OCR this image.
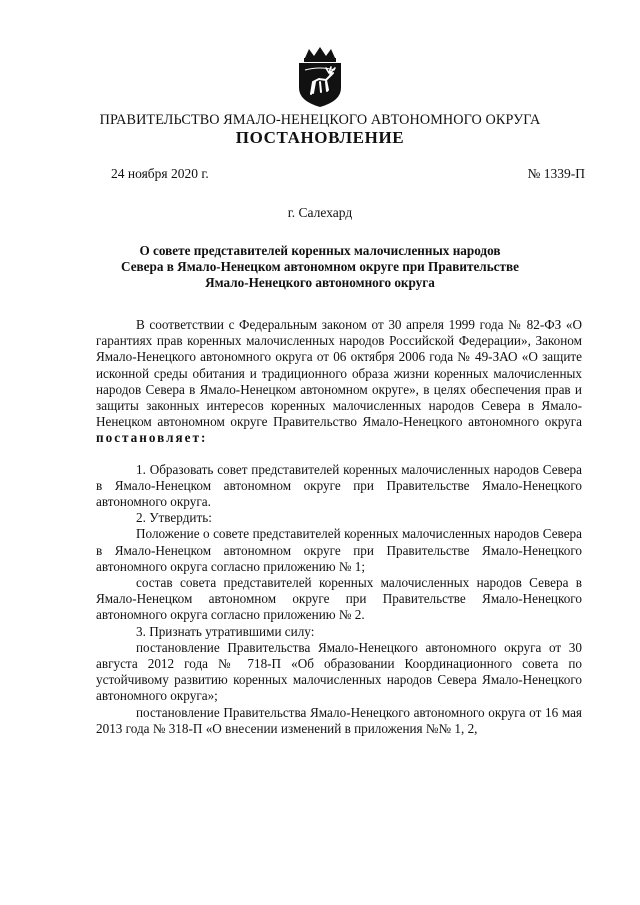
ПРАВИТЕЛЬСТВО ЯМАЛО-НЕНЕЦКОГО АВТОНОМНОГО ОКРУГА
ПОСТАНОВЛЕНИЕ
24 ноября 2020 г.	№ 1339-П
г. Салехард
О совете представителей коренных малочисленных народов
Севера в Ямало-Ненецком автономном округе при Правительстве
Ямало-Ненецкого автономного округа

В соответствии с Федеральным законом от 30 апреля 1999 года № 82-ФЗ «О гарантиях прав коренных малочисленных народов Российской Федерации», Законом Ямало-Ненецкого автономного округа от 06 октября 2006 года № 49-ЗАО «О защите исконной среды обитания и традиционного образа жизни коренных малочисленных народов Севера в Ямало-Ненецком автономном округе», в целях обеспечения прав и защиты законных интересов коренных малочисленных народов Севера в Ямало-Ненецком автономном округе Правительство Ямало-Ненецкого автономного округа постановляет:

1. Образовать совет представителей коренных малочисленных народов Севера в Ямало-Ненецком автономном округе при Правительстве Ямало-Ненецкого автономного округа.

2. Утвердить:

Положение о совете представителей коренных малочисленных народов Севера в Ямало-Ненецком автономном округе при Правительстве Ямало-Ненецкого автономного округа согласно приложению № 1;

состав совета представителей коренных малочисленных народов Севера в Ямало-Ненецком автономном округе при Правительстве Ямало-Ненецкого автономного округа согласно приложению № 2.

3. Признать утратившими силу:

постановление Правительства Ямало-Ненецкого автономного округа от 30 августа 2012 года № 718-П «Об образовании Координационного совета по устойчивому развитию коренных малочисленных народов Севера Ямало-Ненецкого автономного округа»;

постановление Правительства Ямало-Ненецкого автономного округа от 16 мая 2013 года № 318-П «О внесении изменений в приложения №№ 1, 2,
